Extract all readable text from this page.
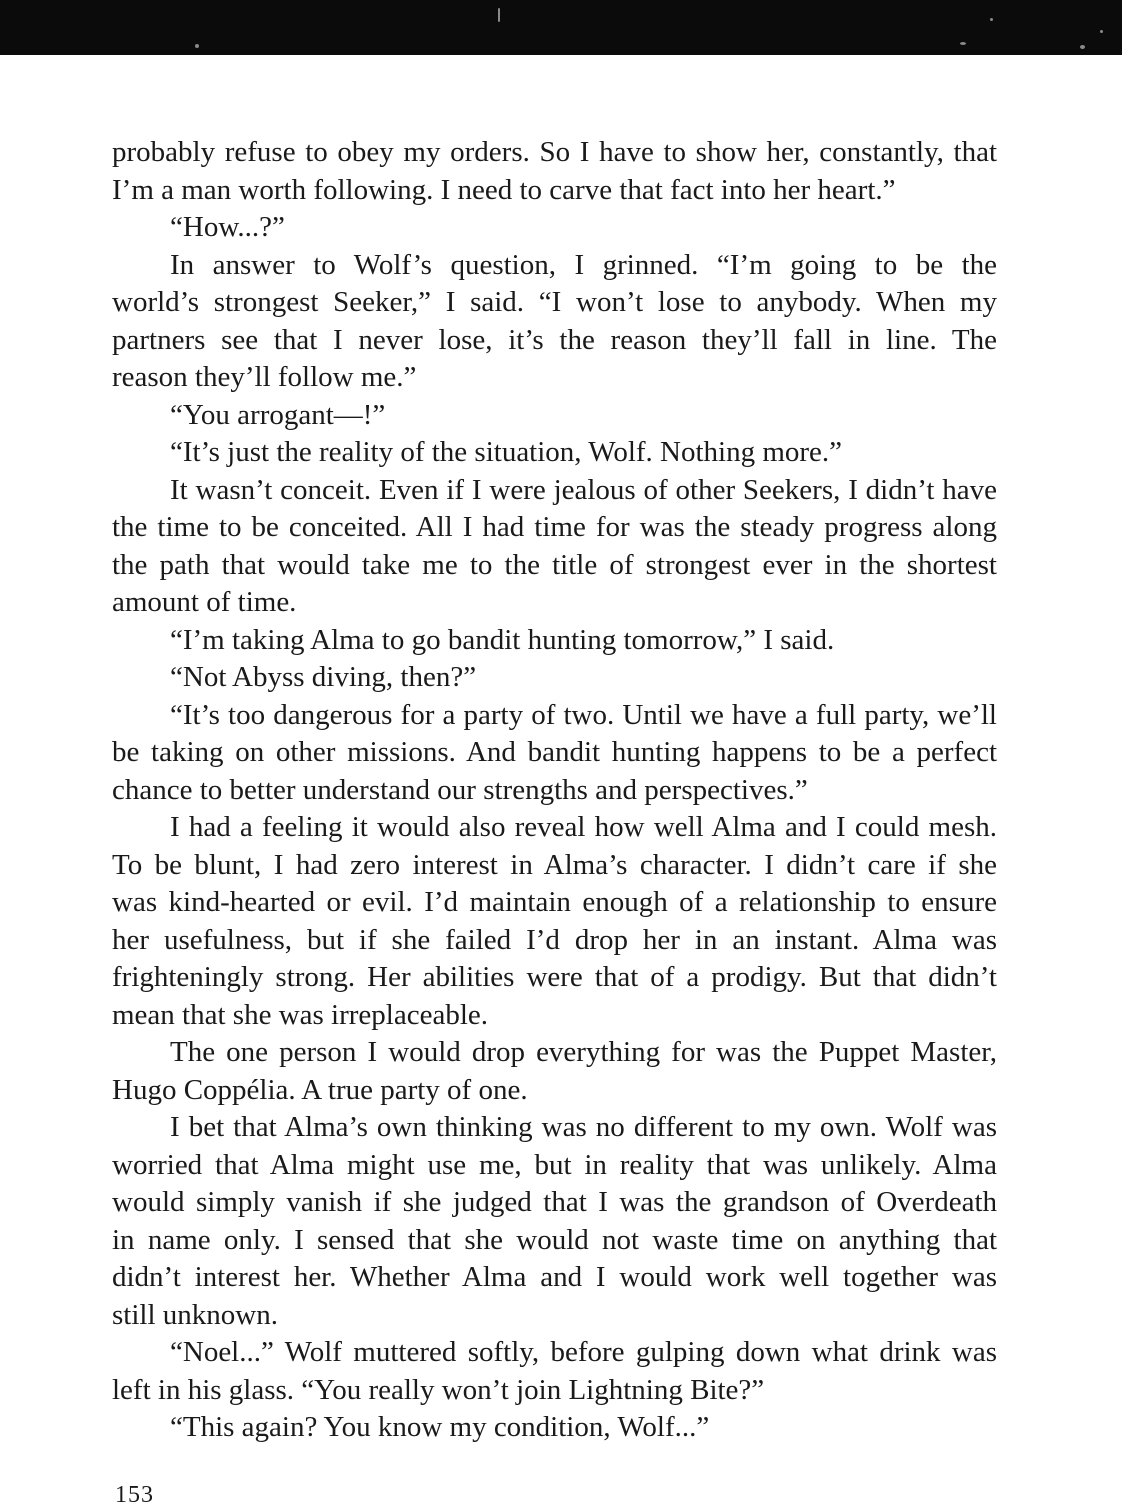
probably refuse to obey my orders. So I have to show her, constantly, that
I’m a man worth following. I need to carve that fact into her heart.”
“How...?”
In answer to Wolf’s question, I grinned. “I’m going to be the
world’s strongest Seeker,” I said. “I won’t lose to anybody. When my
partners see that I never lose, it’s the reason they’ll fall in line. The
reason they’ll follow me.”
“You arrogant—!”
“It’s just the reality of the situation, Wolf. Nothing more.”
It wasn’t conceit. Even if I were jealous of other Seekers, I didn’t have
the time to be conceited. All I had time for was the steady progress along
the path that would take me to the title of strongest ever in the shortest
amount of time.
“I’m taking Alma to go bandit hunting tomorrow,” I said.
“Not Abyss diving, then?”
“It’s too dangerous for a party of two. Until we have a full party, we’ll
be taking on other missions. And bandit hunting happens to be a perfect
chance to better understand our strengths and perspectives.”
I had a feeling it would also reveal how well Alma and I could mesh.
To be blunt, I had zero interest in Alma’s character. I didn’t care if she
was kind-hearted or evil. I’d maintain enough of a relationship to ensure
her usefulness, but if she failed I’d drop her in an instant. Alma was
frighteningly strong. Her abilities were that of a prodigy. But that didn’t
mean that she was irreplaceable.
The one person I would drop everything for was the Puppet Master,
Hugo Coppélia. A true party of one.
I bet that Alma’s own thinking was no different to my own. Wolf was
worried that Alma might use me, but in reality that was unlikely. Alma
would simply vanish if she judged that I was the grandson of Overdeath
in name only. I sensed that she would not waste time on anything that
didn’t interest her. Whether Alma and I would work well together was
still unknown.
“Noel...” Wolf muttered softly, before gulping down what drink was
left in his glass. “You really won’t join Lightning Bite?”
“This again? You know my condition, Wolf...”
153
